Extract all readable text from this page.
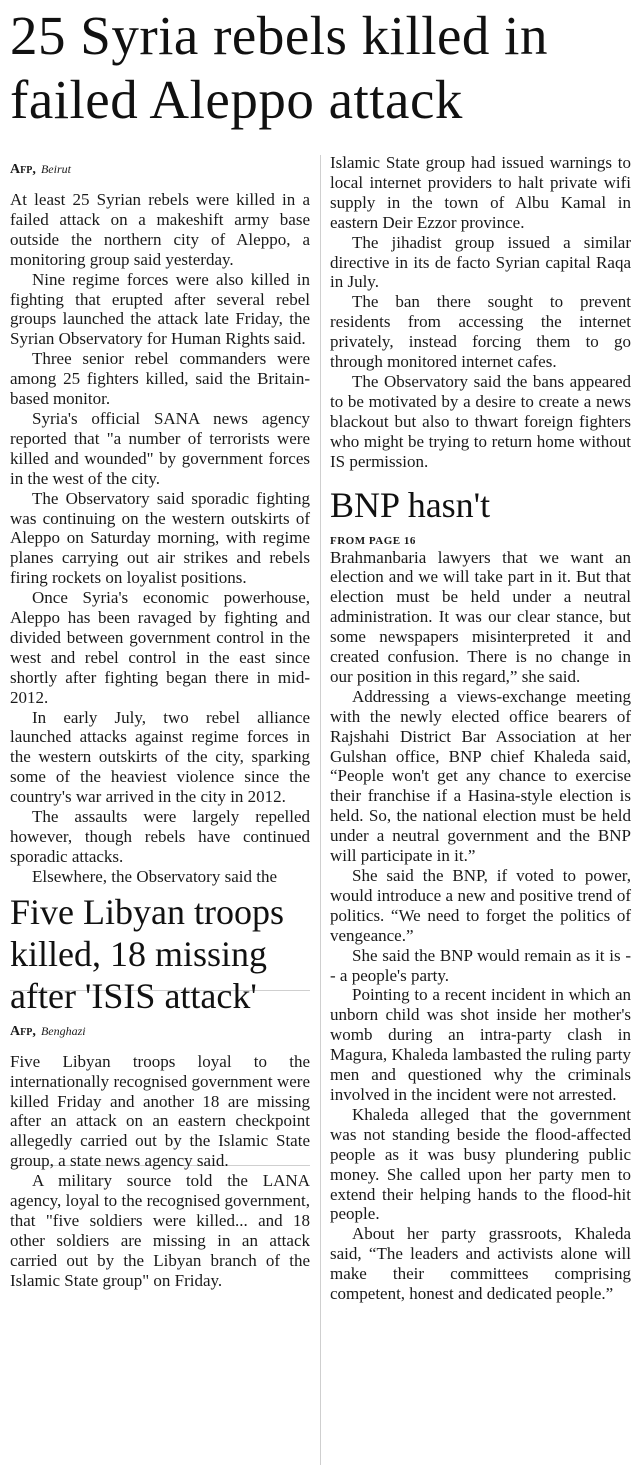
25 Syria rebels killed in failed Aleppo attack
Afp, Beirut

At least 25 Syrian rebels were killed in a failed attack on a makeshift army base outside the northern city of Aleppo, a monitoring group said yesterday.

Nine regime forces were also killed in fighting that erupted after several rebel groups launched the attack late Friday, the Syrian Observatory for Human Rights said.

Three senior rebel commanders were among 25 fighters killed, said the Britain-based monitor.

Syria's official SANA news agency reported that "a number of terrorists were killed and wounded" by government forces in the west of the city.

The Observatory said sporadic fighting was continuing on the western outskirts of Aleppo on Saturday morning, with regime planes carrying out air strikes and rebels firing rockets on loyalist positions.

Once Syria's economic powerhouse, Aleppo has been ravaged by fighting and divided between government control in the west and rebel control in the east since shortly after fighting began there in mid-2012.

In early July, two rebel alliance launched attacks against regime forces in the western outskirts of the city, sparking some of the heaviest violence since the country's war arrived in the city in 2012.

The assaults were largely repelled however, though rebels have continued sporadic attacks.

Elsewhere, the Observatory said the

Five Libyan troops killed, 18 missing after 'ISIS attack'
Afp, Benghazi

Five Libyan troops loyal to the internationally recognised government were killed Friday and another 18 are missing after an attack on an eastern checkpoint allegedly carried out by the Islamic State group, a state news agency said.

A military source told the LANA agency, loyal to the recognised government, that "five soldiers were killed... and 18 other soldiers are missing in an attack carried out by the Libyan branch of the Islamic State group" on Friday.

Islamic State group had issued warnings to local internet providers to halt private wifi supply in the town of Albu Kamal in eastern Deir Ezzor province.

The jihadist group issued a similar directive in its de facto Syrian capital Raqa in July.

The ban there sought to prevent residents from accessing the internet privately, instead forcing them to go through monitored internet cafes.

The Observatory said the bans appeared to be motivated by a desire to create a news blackout but also to thwart foreign fighters who might be trying to return home without IS permission.

BNP hasn't
FROM PAGE 16

Brahmanbaria lawyers that we want an election and we will take part in it. But that election must be held under a neutral administration. It was our clear stance, but some newspapers misinterpreted it and created confusion. There is no change in our position in this regard,” she said.

Addressing a views-exchange meeting with the newly elected office bearers of Rajshahi District Bar Association at her Gulshan office, BNP chief Khaleda said, “People won't get any chance to exercise their franchise if a Hasina-style election is held. So, the national election must be held under a neutral government and the BNP will participate in it.”

She said the BNP, if voted to power, would introduce a new and positive trend of politics. “We need to forget the politics of vengeance.”

She said the BNP would remain as it is -- a people's party.

Pointing to a recent incident in which an unborn child was shot inside her mother's womb during an intra-party clash in Magura, Khaleda lambasted the ruling party men and questioned why the criminals involved in the incident were not arrested.

Khaleda alleged that the government was not standing beside the flood-affected people as it was busy plundering public money. She called upon her party men to extend their helping hands to the flood-hit people.

About her party grassroots, Khaleda said, “The leaders and activists alone will make their committees comprising competent, honest and dedicated people.”
